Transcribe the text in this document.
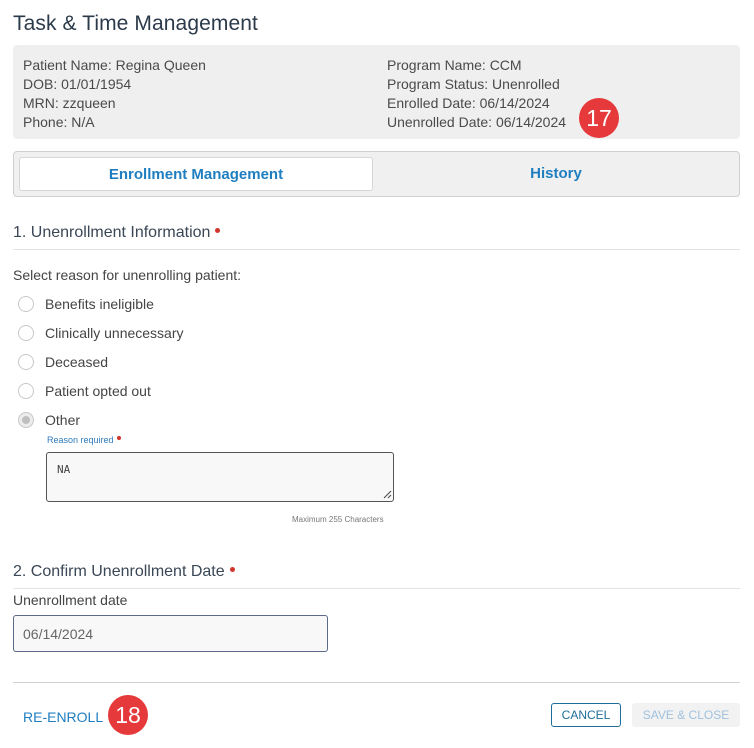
Task & Time Management
Patient Name: Regina Queen
DOB: 01/01/1954
MRN: zzqueen
Phone: N/A
Program Name: CCM
Program Status: Unenrolled
Enrolled Date: 06/14/2024
Unenrolled Date: 06/14/2024 17
Enrollment Management	History
1. Unenrollment Information
Select reason for unenrolling patient:
Benefits ineligible
Clinically unnecessary
Deceased
Patient opted out
Other
Reason required
NA
Maximum 255 Characters
2. Confirm Unenrollment Date
Unenrollment date
06/14/2024
RE-ENROLL 18	CANCEL	SAVE & CLOSE
